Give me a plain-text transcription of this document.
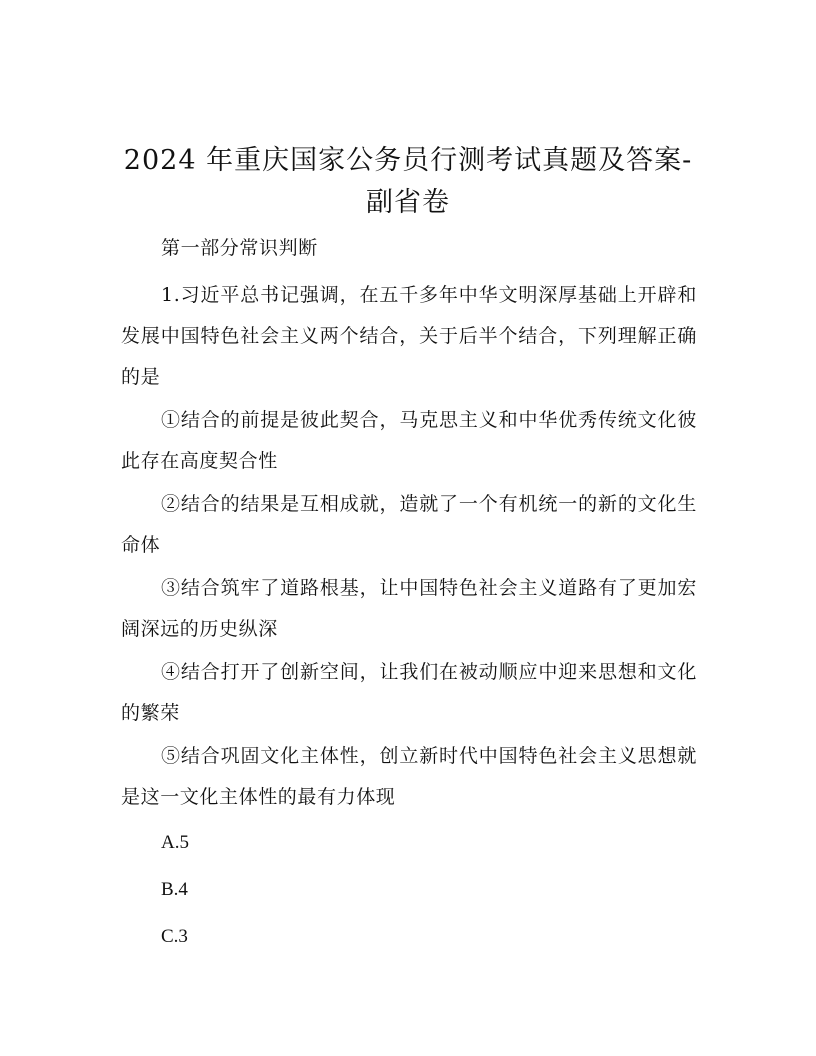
2024 年重庆国家公务员行测考试真题及答案-
副省卷

第一部分常识判断

1.习近平总书记强调，在五千多年中华文明深厚基础上开辟和发展中国特色社会主义两个结合，关于后半个结合，下列理解正确的是

①结合的前提是彼此契合，马克思主义和中华优秀传统文化彼此存在高度契合性

②结合的结果是互相成就，造就了一个有机统一的新的文化生命体

③结合筑牢了道路根基，让中国特色社会主义道路有了更加宏阔深远的历史纵深

④结合打开了创新空间，让我们在被动顺应中迎来思想和文化的繁荣

⑤结合巩固文化主体性，创立新时代中国特色社会主义思想就是这一文化主体性的最有力体现

A.5

B.4

C.3
